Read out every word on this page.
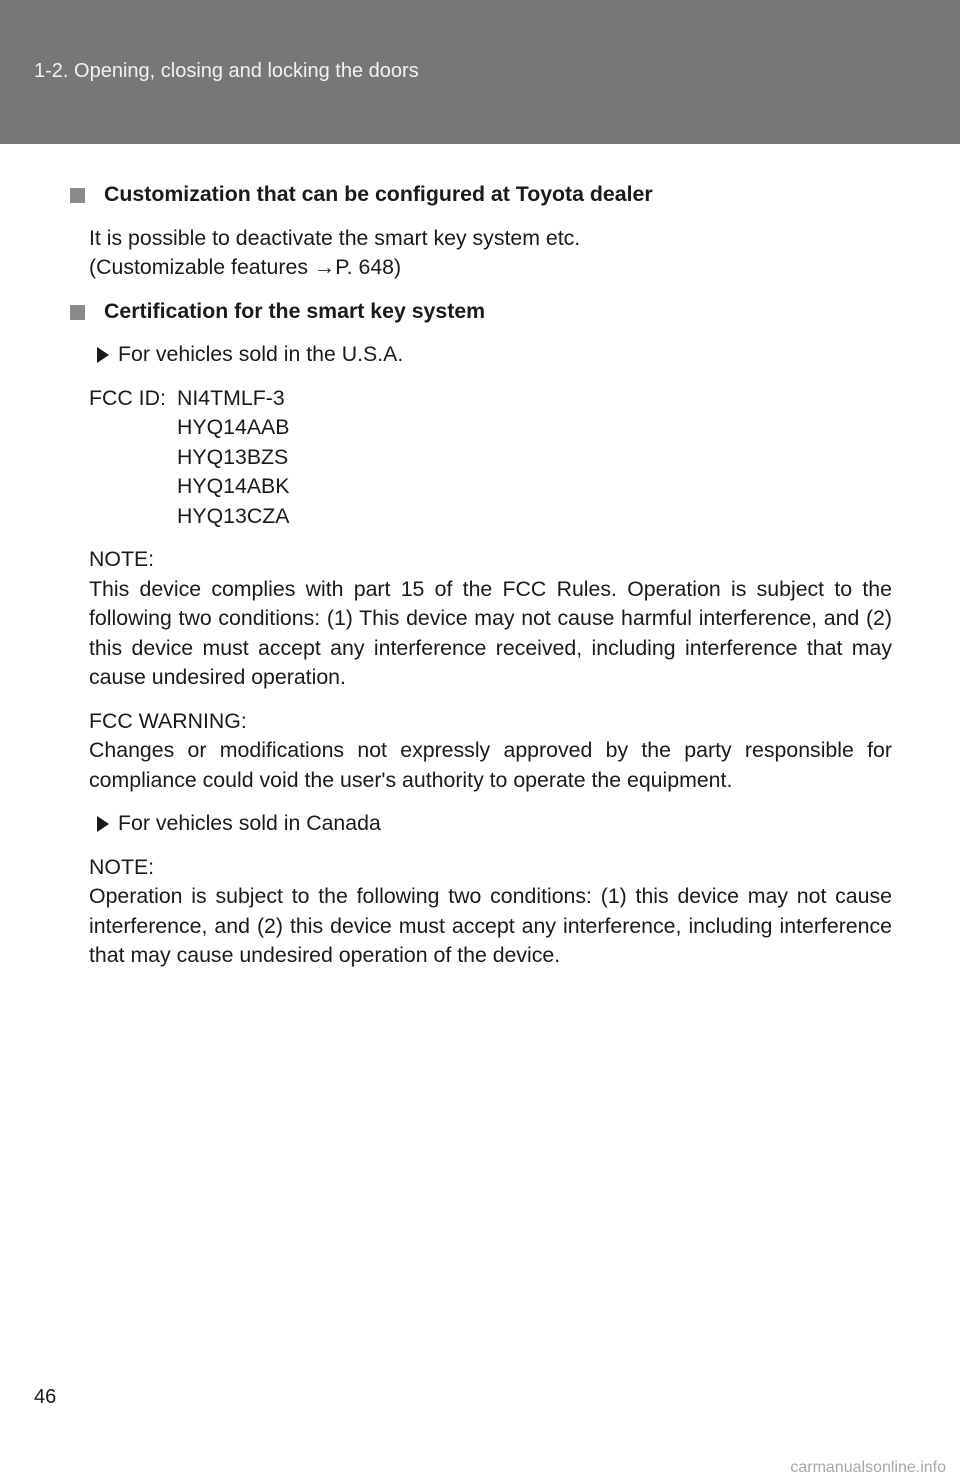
1-2. Opening, closing and locking the doors
Customization that can be configured at Toyota dealer
It is possible to deactivate the smart key system etc.
(Customizable features →P. 648)
Certification for the smart key system
For vehicles sold in the U.S.A.
FCC ID: NI4TMLF-3
HYQ14AAB
HYQ13BZS
HYQ14ABK
HYQ13CZA
NOTE:
This device complies with part 15 of the FCC Rules. Operation is subject to the following two conditions: (1) This device may not cause harmful interference, and (2) this device must accept any interference received, including interference that may cause undesired operation.
FCC WARNING:
Changes or modifications not expressly approved by the party responsible for compliance could void the user's authority to operate the equipment.
For vehicles sold in Canada
NOTE:
Operation is subject to the following two conditions: (1) this device may not cause interference, and (2) this device must accept any interference, including interference that may cause undesired operation of the device.
46
carmanualsonline.info
